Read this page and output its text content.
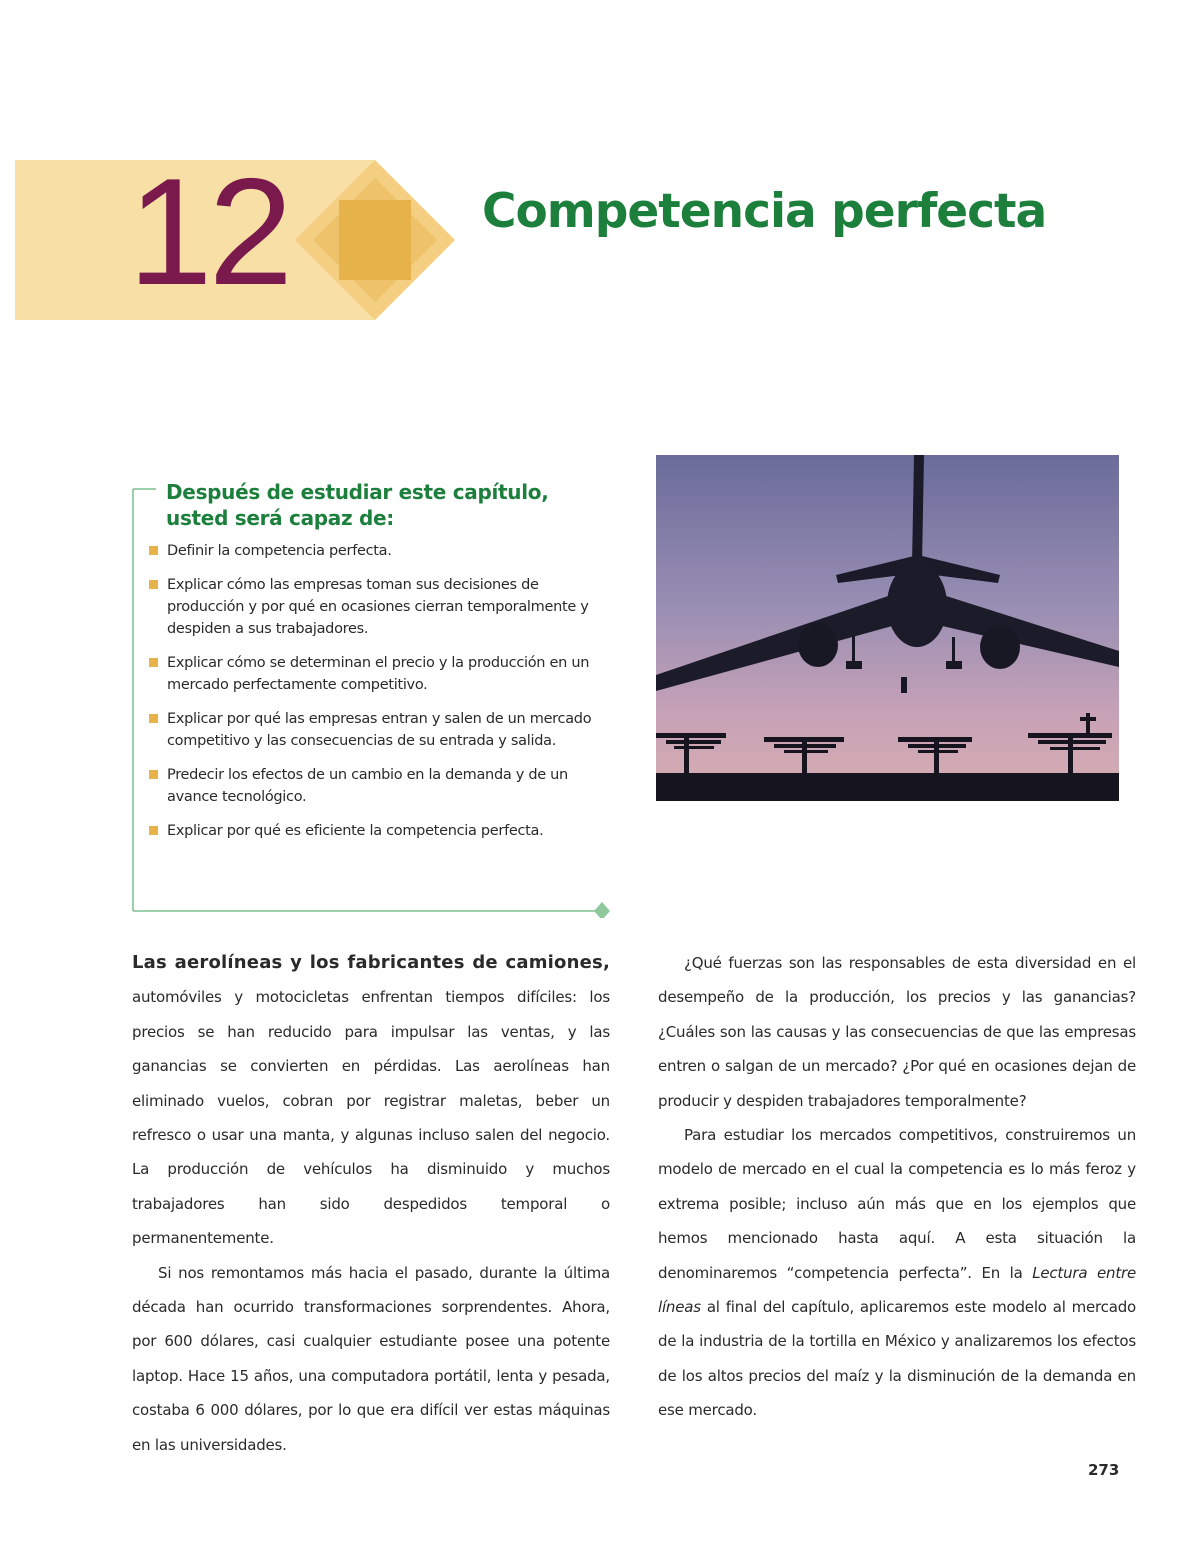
12	Competencia perfecta
Después de estudiar este capítulo,
usted será capaz de:
Definir la competencia perfecta.
Explicar cómo las empresas toman sus decisiones de producción y por qué en ocasiones cierran temporalmente y despiden a sus trabajadores.
Explicar cómo se determinan el precio y la producción en un mercado perfectamente competitivo.
Explicar por qué las empresas entran y salen de un mercado competitivo y las consecuencias de su entrada y salida.
Predecir los efectos de un cambio en la demanda y de un avance tecnológico.
Explicar por qué es eficiente la competencia perfecta.

Las aerolíneas y los fabricantes de camiones, automóviles y motocicletas enfrentan tiempos difíciles: los precios se han reducido para impulsar las ventas, y las ganancias se convierten en pérdidas. Las aerolíneas han eliminado vuelos, cobran por registrar maletas, beber un refresco o usar una manta, y algunas incluso salen del negocio. La producción de vehículos ha disminuido y muchos trabajadores han sido despedidos temporal o permanentemente.

Si nos remontamos más hacia el pasado, durante la última década han ocurrido transformaciones sorprendentes. Ahora, por 600 dólares, casi cualquier estudiante posee una potente laptop. Hace 15 años, una computadora portátil, lenta y pesada, costaba 6 000 dólares, por lo que era difícil ver estas máquinas en las universidades.

¿Qué fuerzas son las responsables de esta diversidad en el desempeño de la producción, los precios y las ganancias? ¿Cuáles son las causas y las consecuencias de que las empresas entren o salgan de un mercado? ¿Por qué en ocasiones dejan de producir y despiden trabajadores temporalmente?

Para estudiar los mercados competitivos, construiremos un modelo de mercado en el cual la competencia es lo más feroz y extrema posible; incluso aún más que en los ejemplos que hemos mencionado hasta aquí. A esta situación la denominaremos “competencia perfecta”. En la Lectura entre líneas al final del capítulo, aplicaremos este modelo al mercado de la industria de la tortilla en México y analizaremos los efectos de los altos precios del maíz y la disminución de la demanda en ese mercado.

273
